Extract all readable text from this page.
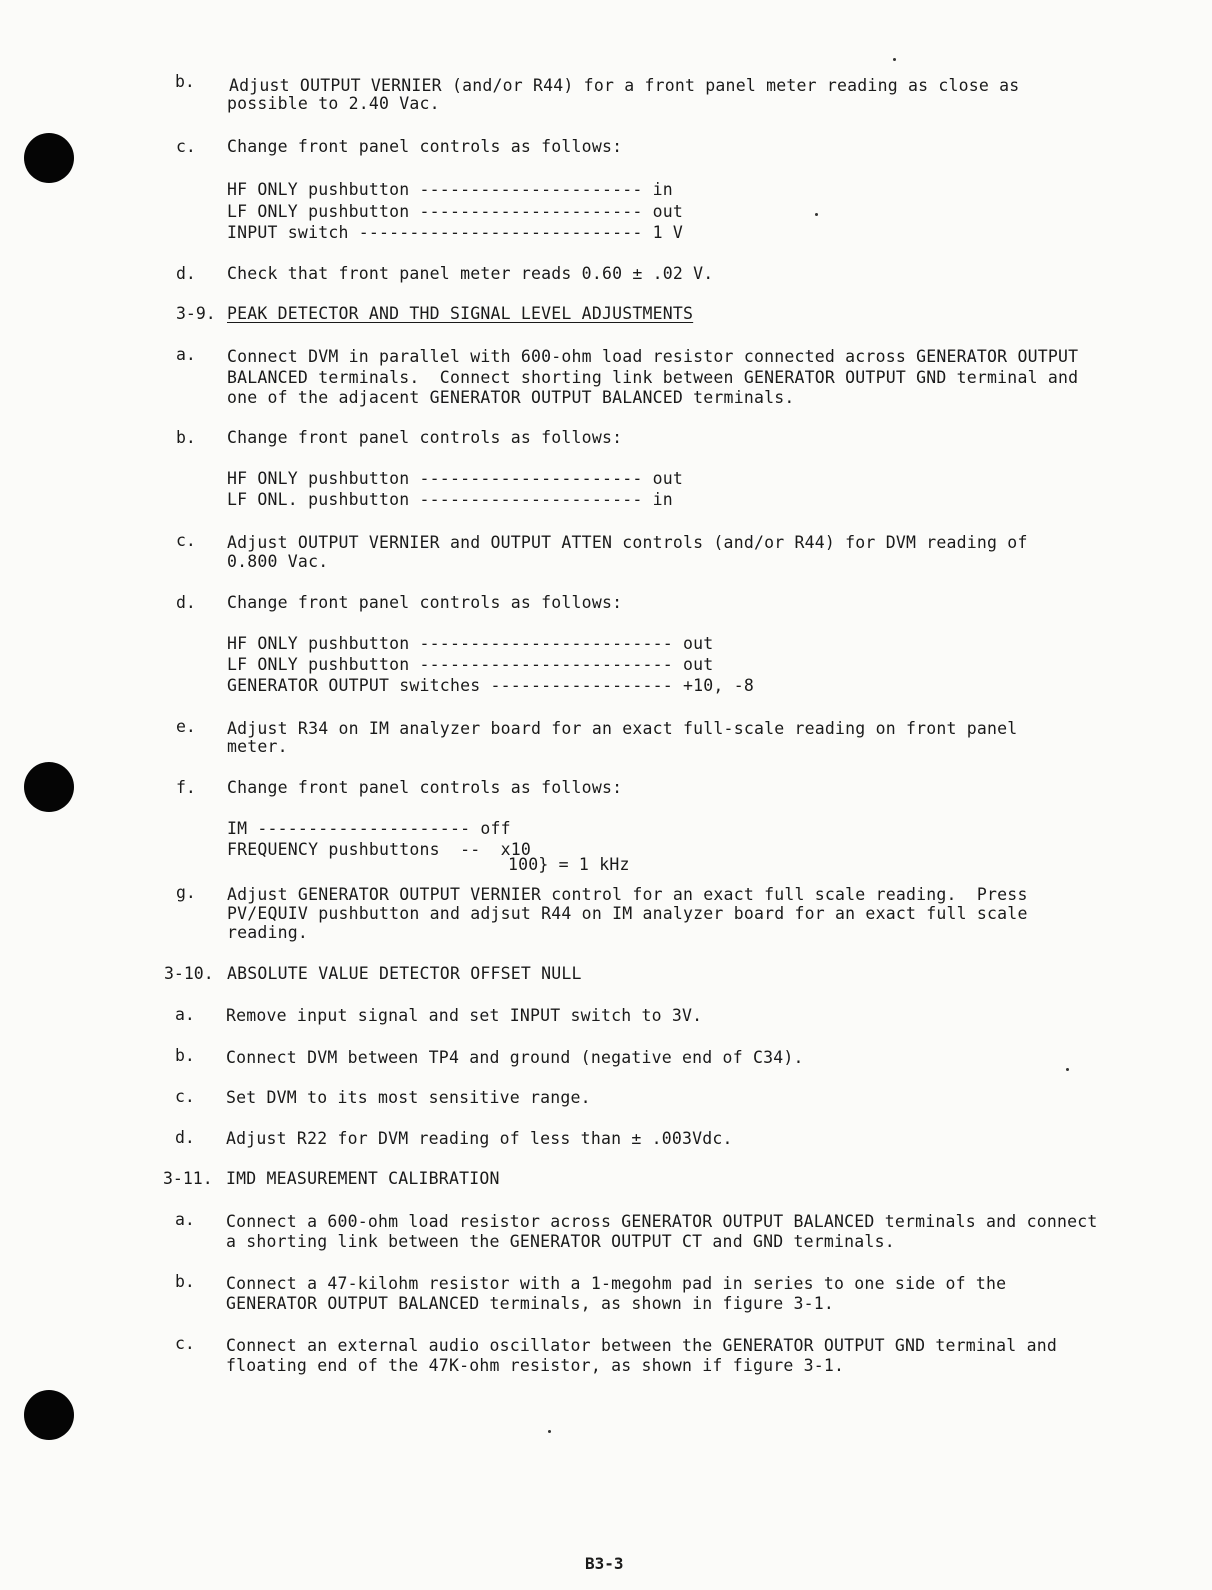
b. Adjust OUTPUT VERNIER (and/or R44) for a front panel meter reading as close as
possible to 2.40 Vac.
c. Change front panel controls as follows:
HF ONLY pushbutton ---------------------- in
LF ONLY pushbutton ---------------------- out
INPUT switch ---------------------------- 1 V
d. Check that front panel meter reads 0.60 ± .02 V.
3-9. PEAK DETECTOR AND THD SIGNAL LEVEL ADJUSTMENTS
a. Connect DVM in parallel with 600-ohm load resistor connected across GENERATOR OUTPUT
BALANCED terminals.  Connect shorting link between GENERATOR OUTPUT GND terminal and
one of the adjacent GENERATOR OUTPUT BALANCED terminals.
b. Change front panel controls as follows:
HF ONLY pushbutton ---------------------- out
LF ONL. pushbutton ---------------------- in
c. Adjust OUTPUT VERNIER and OUTPUT ATTEN controls (and/or R44) for DVM reading of
0.800 Vac.
d. Change front panel controls as follows:
HF ONLY pushbutton ------------------------- out
LF ONLY pushbutton ------------------------- out
GENERATOR OUTPUT switches ------------------ +10, -8
e. Adjust R34 on IM analyzer board for an exact full-scale reading on front panel
meter.
f. Change front panel controls as follows:
IM --------------------- off
FREQUENCY pushbuttons  --  x10
100} = 1 kHz
g. Adjust GENERATOR OUTPUT VERNIER control for an exact full scale reading.  Press
PV/EQUIV pushbutton and adjsut R44 on IM analyzer board for an exact full scale
reading.
3-10. ABSOLUTE VALUE DETECTOR OFFSET NULL
a. Remove input signal and set INPUT switch to 3V.
b. Connect DVM between TP4 and ground (negative end of C34).
c. Set DVM to its most sensitive range.
d. Adjust R22 for DVM reading of less than ± .003Vdc.
3-11. IMD MEASUREMENT CALIBRATION
a. Connect a 600-ohm load resistor across GENERATOR OUTPUT BALANCED terminals and connect
a shorting link between the GENERATOR OUTPUT CT and GND terminals.
b. Connect a 47-kilohm resistor with a 1-megohm pad in series to one side of the
GENERATOR OUTPUT BALANCED terminals, as shown in figure 3-1.
c. Connect an external audio oscillator between the GENERATOR OUTPUT GND terminal and
floating end of the 47K-ohm resistor, as shown if figure 3-1.
B3-3
